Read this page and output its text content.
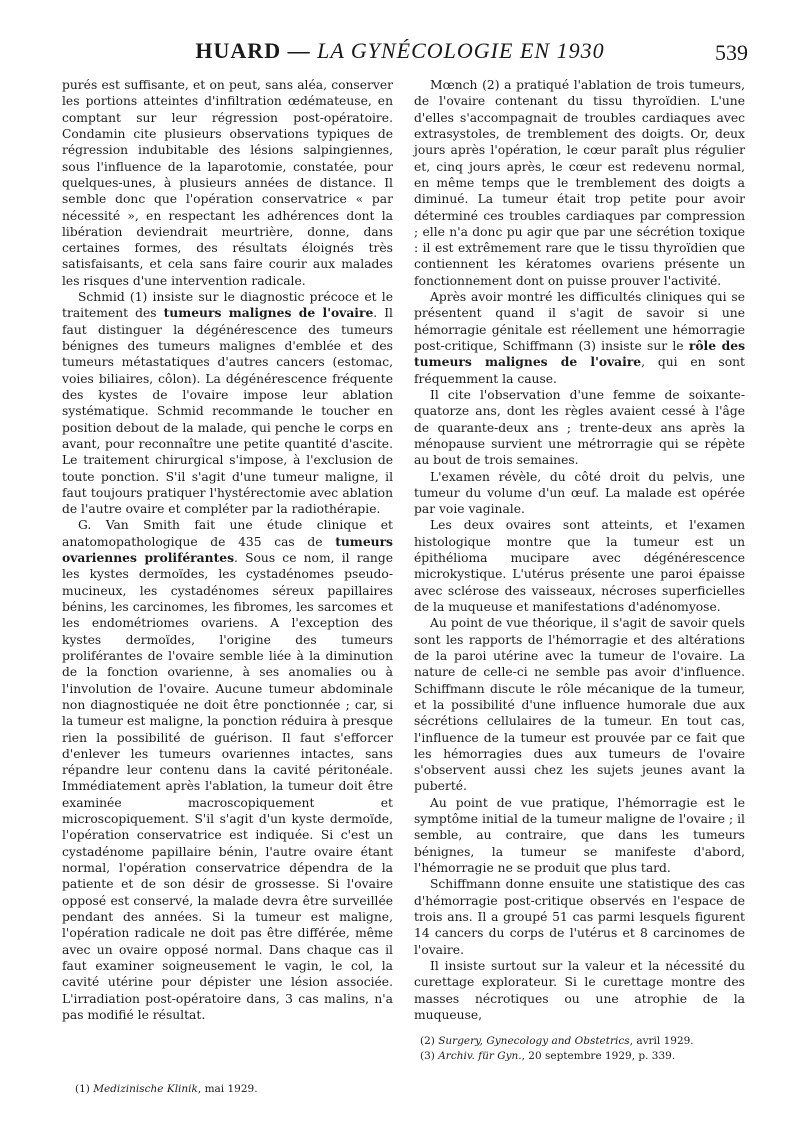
HUARD — LA GYNÉCOLOGIE EN 1930	539

purés est suffisante, et on peut, sans aléa, conserver les portions atteintes d'infiltration œdémateuse, en comptant sur leur régression post-opératoire. Condamin cite plusieurs observations typiques de régression indubitable des lésions salpingiennes, sous l'influence de la laparotomie, constatée, pour quelques-unes, à plusieurs années de distance. Il semble donc que l'opération conservatrice « par nécessité », en respectant les adhérences dont la libération deviendrait meurtrière, donne, dans certaines formes, des résultats éloignés très satisfaisants, et cela sans faire courir aux malades les risques d'une intervention radicale.

Schmid (1) insiste sur le diagnostic précoce et le traitement des tumeurs malignes de l'ovaire. Il faut distinguer la dégénérescence des tumeurs bénignes des tumeurs malignes d'emblée et des tumeurs métastatiques d'autres cancers (estomac, voies biliaires, côlon). La dégénérescence fréquente des kystes de l'ovaire impose leur ablation systématique. Schmid recommande le toucher en position debout de la malade, qui penche le corps en avant, pour reconnaître une petite quantité d'ascite. Le traitement chirurgical s'impose, à l'exclusion de toute ponction. S'il s'agit d'une tumeur maligne, il faut toujours pratiquer l'hystérectomie avec ablation de l'autre ovaire et compléter par la radiothérapie.

G. Van Smith fait une étude clinique et anatomopathologique de 435 cas de tumeurs ovariennes proliférantes. Sous ce nom, il range les kystes dermoïdes, les cystadénomes pseudo-mucineux, les cystadénomes séreux papillaires bénins, les carcinomes, les fibromes, les sarcomes et les endométriomes ovariens. A l'exception des kystes dermoïdes, l'origine des tumeurs proliférantes de l'ovaire semble liée à la diminution de la fonction ovarienne, à ses anomalies ou à l'involution de l'ovaire. Aucune tumeur abdominale non diagnostiquée ne doit être ponctionnée ; car, si la tumeur est maligne, la ponction réduira à presque rien la possibilité de guérison. Il faut s'efforcer d'enlever les tumeurs ovariennes intactes, sans répandre leur contenu dans la cavité péritonéale. Immédiatement après l'ablation, la tumeur doit être examinée macroscopiquement et microscopiquement. S'il s'agit d'un kyste dermoïde, l'opération conservatrice est indiquée. Si c'est un cystadénome papillaire bénin, l'autre ovaire étant normal, l'opération conservatrice dépendra de la patiente et de son désir de grossesse. Si l'ovaire opposé est conservé, la malade devra être surveillée pendant des années. Si la tumeur est maligne, l'opération radicale ne doit pas être différée, même avec un ovaire opposé normal. Dans chaque cas il faut examiner soigneusement le vagin, le col, la cavité utérine pour dépister une lésion associée. L'irradiation post-opératoire dans, 3 cas malins, n'a pas modifié le résultat.

Mœnch (2) a pratiqué l'ablation de trois tumeurs, de l'ovaire contenant du tissu thyroïdien. L'une d'elles s'accompagnait de troubles cardiaques avec extrasystoles, de tremblement des doigts. Or, deux jours après l'opération, le cœur paraît plus régulier et, cinq jours après, le cœur est redevenu normal, en même temps que le tremblement des doigts a diminué. La tumeur était trop petite pour avoir déterminé ces troubles cardiaques par compression ; elle n'a donc pu agir que par une sécrétion toxique : il est extrêmement rare que le tissu thyroïdien que contiennent les kératomes ovariens présente un fonctionnement dont on puisse prouver l'activité.

Après avoir montré les difficultés cliniques qui se présentent quand il s'agit de savoir si une hémorragie génitale est réellement une hémorragie post-critique, Schiffmann (3) insiste sur le rôle des tumeurs malignes de l'ovaire, qui en sont fréquemment la cause.

Il cite l'observation d'une femme de soixante-quatorze ans, dont les règles avaient cessé à l'âge de quarante-deux ans ; trente-deux ans après la ménopause survient une métrorragie qui se répète au bout de trois semaines.

L'examen révèle, du côté droit du pelvis, une tumeur du volume d'un œuf. La malade est opérée par voie vaginale.

Les deux ovaires sont atteints, et l'examen histologique montre que la tumeur est un épithélioma mucipare avec dégénérescence microkystique. L'utérus présente une paroi épaisse avec sclérose des vaisseaux, nécroses superficielles de la muqueuse et manifestations d'adénomyose.

Au point de vue théorique, il s'agit de savoir quels sont les rapports de l'hémorragie et des altérations de la paroi utérine avec la tumeur de l'ovaire. La nature de celle-ci ne semble pas avoir d'influence. Schiffmann discute le rôle mécanique de la tumeur, et la possibilité d'une influence humorale due aux sécrétions cellulaires de la tumeur. En tout cas, l'influence de la tumeur est prouvée par ce fait que les hémorragies dues aux tumeurs de l'ovaire s'observent aussi chez les sujets jeunes avant la puberté.

Au point de vue pratique, l'hémorragie est le symptôme initial de la tumeur maligne de l'ovaire ; il semble, au contraire, que dans les tumeurs bénignes, la tumeur se manifeste d'abord, l'hémorragie ne se produit que plus tard.

Schiffmann donne ensuite une statistique des cas d'hémorragie post-critique observés en l'espace de trois ans. Il a groupé 51 cas parmi lesquels figurent 14 cancers du corps de l'utérus et 8 carcinomes de l'ovaire.

Il insiste surtout sur la valeur et la nécessité du curettage explorateur. Si le curettage montre des masses nécrotiques ou une atrophie de la muqueuse,

(1) Medizinische Klinik, mai 1929.

(2) Surgery, Gynecology and Obstetrics, avril 1929.

(3) Archiv. für Gyn., 20 septembre 1929, p. 339.
